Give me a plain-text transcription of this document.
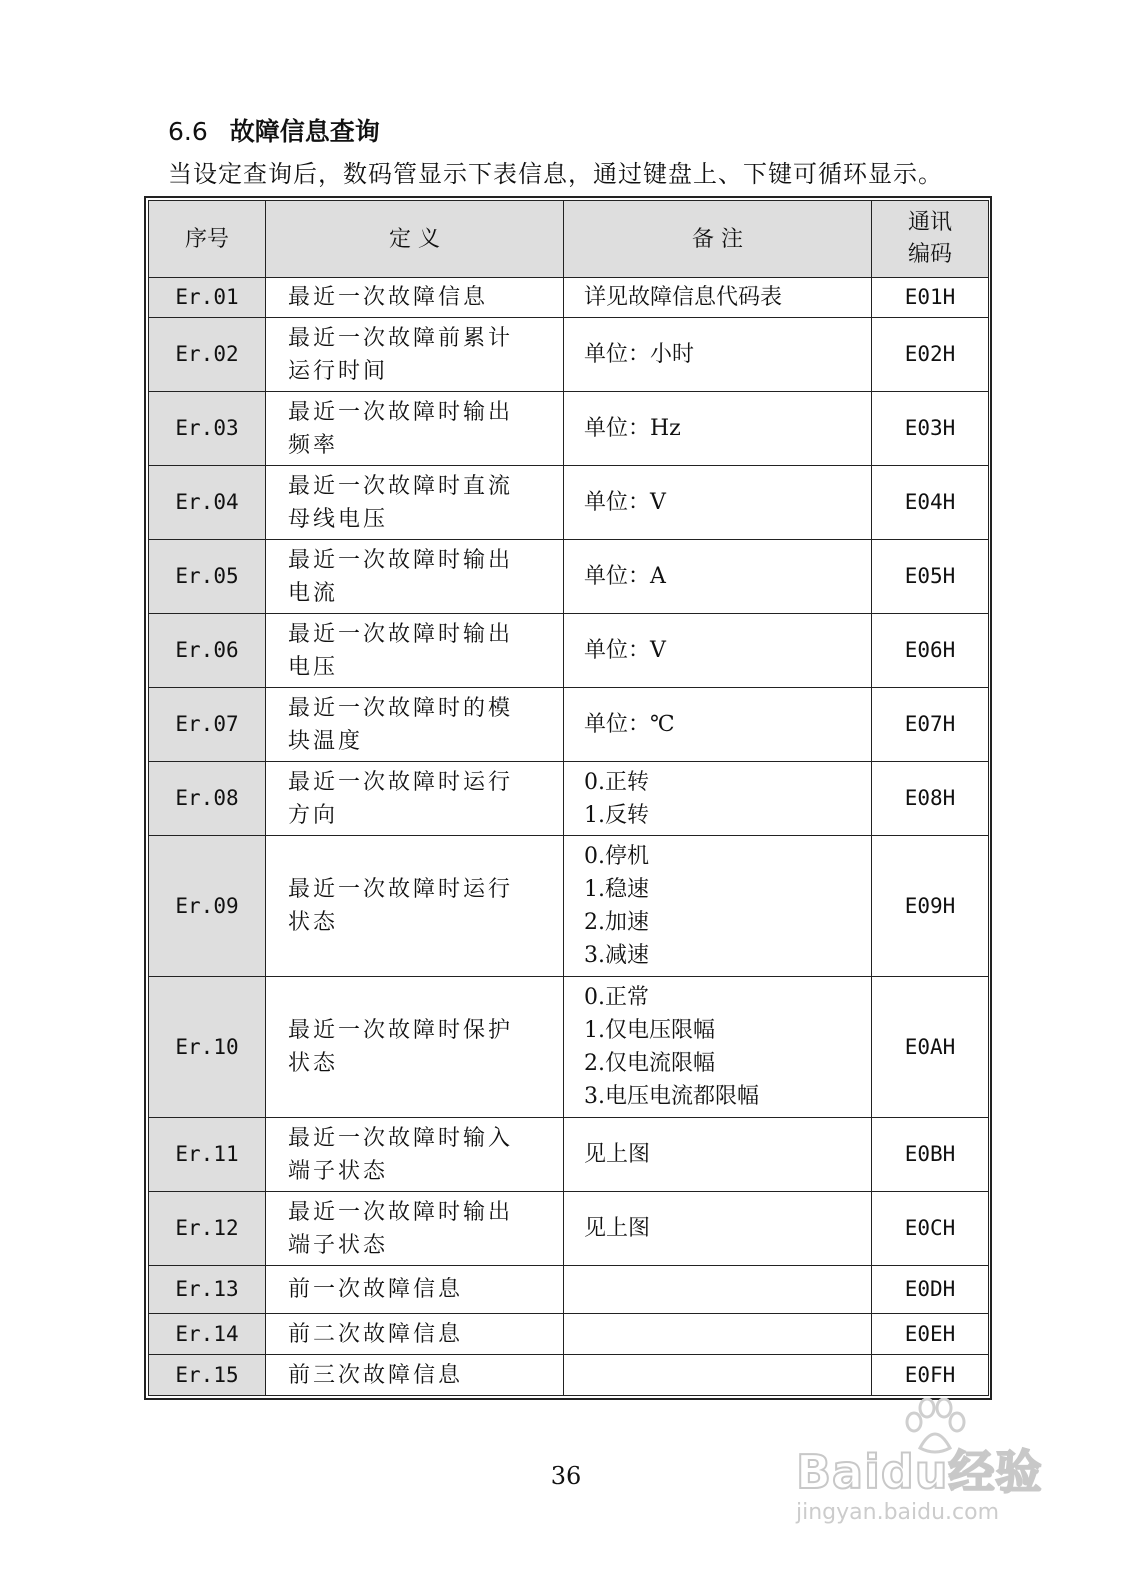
6.6 故障信息查询

当设定查询后，数码管显示下表信息，通过键盘上、下键可循环显示。

序号	定 义	备 注	通讯
编码

Er.01	最近一次故障信息	详见故障信息代码表	E01H
Er.02	最近一次故障前累计
运行时间	单位：小时	E02H
Er.03	最近一次故障时输出
频率	单位：Hz	E03H
Er.04	最近一次故障时直流
母线电压	单位：V	E04H
Er.05	最近一次故障时输出
电流	单位：A	E05H
Er.06	最近一次故障时输出
电压	单位：V	E06H
Er.07	最近一次故障时的模
块温度	单位：℃	E07H
Er.08	最近一次故障时运行
方向	0.正转
1.反转	E08H
Er.09	最近一次故障时运行
状态	0.停机
1.稳速
2.加速
3.减速	E09H
Er.10	最近一次故障时保护
状态	0.正常
1.仅电压限幅
2.仅电流限幅
3.电压电流都限幅	E0AH
Er.11	最近一次故障时输入
端子状态	见上图	E0BH
Er.12	最近一次故障时输出
端子状态	见上图	E0CH
Er.13	前一次故障信息		E0DH
Er.14	前二次故障信息		E0EH
Er.15	前三次故障信息		E0FH

36	Baidu经验
jingyan.baidu.com
